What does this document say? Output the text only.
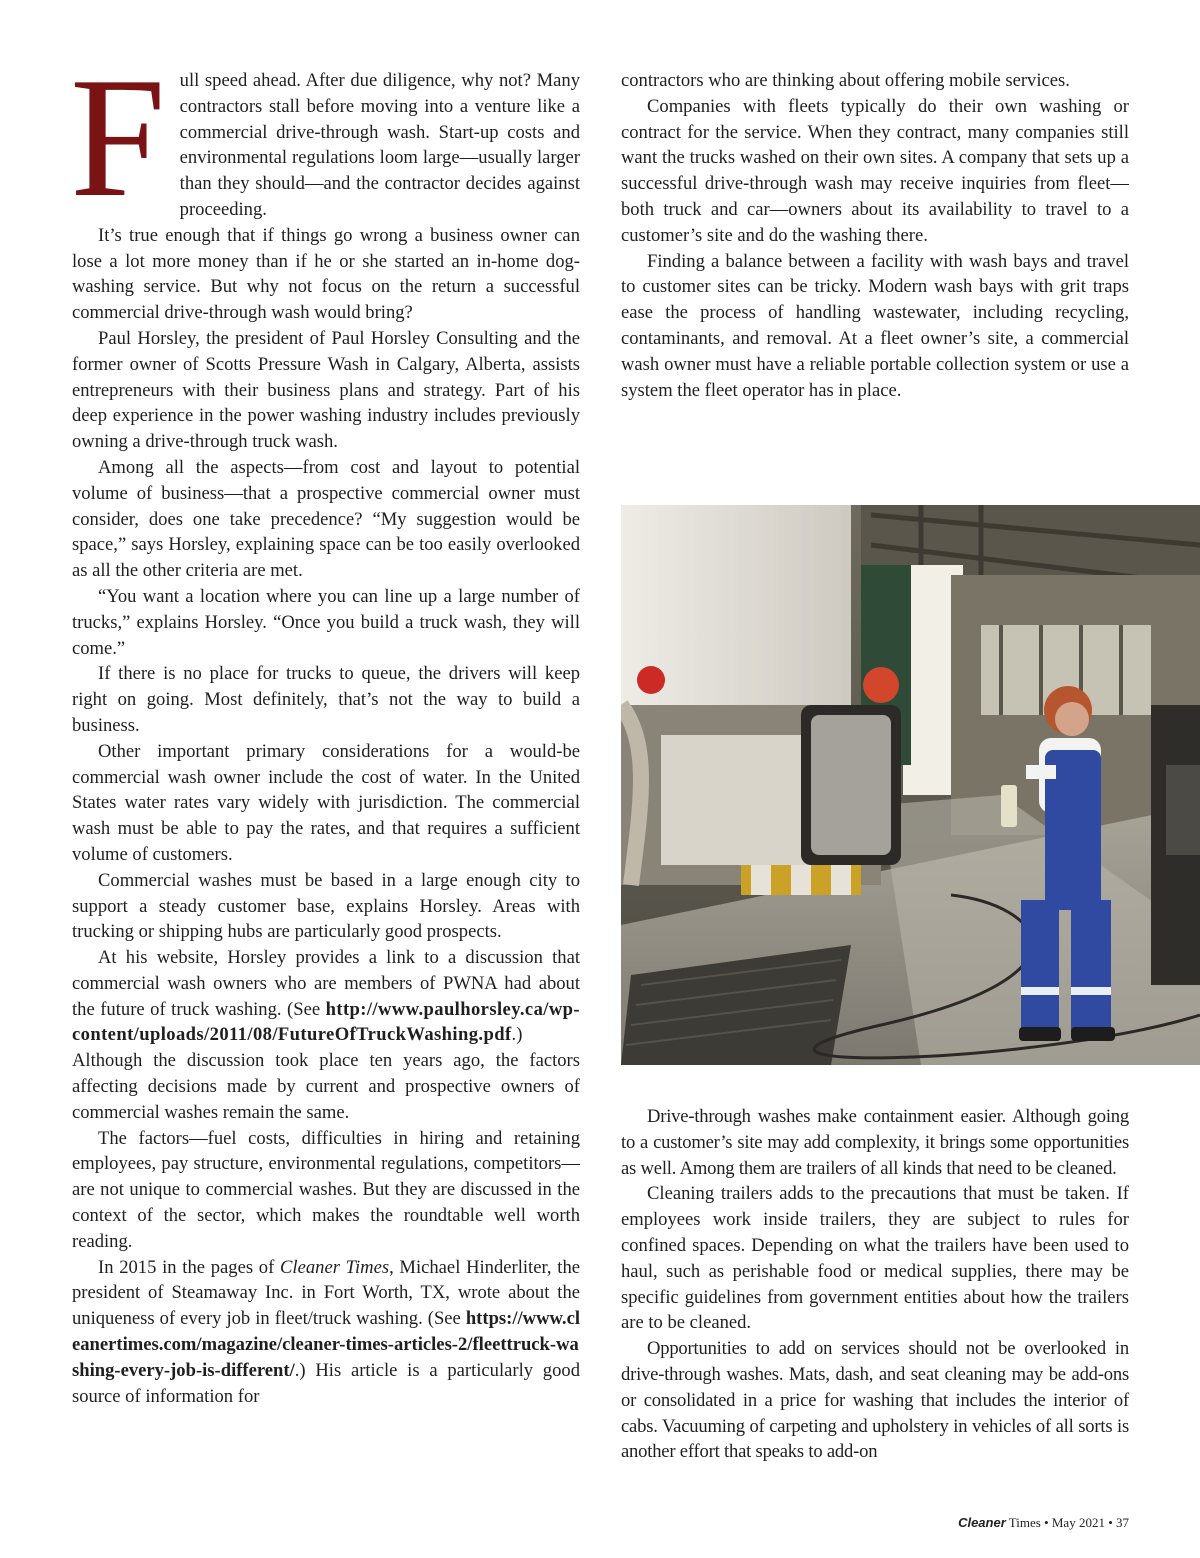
Full speed ahead. After due diligence, why not? Many contractors stall before moving into a venture like a commercial drive-through wash. Start-up costs and environmental regulations loom large—usually larger than they should—and the contractor decides against proceeding.

It’s true enough that if things go wrong a business owner can lose a lot more money than if he or she started an in-home dog-washing service. But why not focus on the return a successful commercial drive-through wash would bring?

Paul Horsley, the president of Paul Horsley Consulting and the former owner of Scotts Pressure Wash in Calgary, Alberta, assists entrepreneurs with their business plans and strategy. Part of his deep experience in the power washing industry includes previously owning a drive-through truck wash.

Among all the aspects—from cost and layout to potential volume of business—that a prospective commercial owner must consider, does one take precedence? “My suggestion would be space,” says Horsley, explaining space can be too easily overlooked as all the other criteria are met.

“You want a location where you can line up a large number of trucks,” explains Horsley. “Once you build a truck wash, they will come.”

If there is no place for trucks to queue, the drivers will keep right on going. Most definitely, that’s not the way to build a business.

Other important primary considerations for a would-be commercial wash owner include the cost of water. In the United States water rates vary widely with jurisdiction. The commercial wash must be able to pay the rates, and that requires a sufficient volume of customers.

Commercial washes must be based in a large enough city to support a steady customer base, explains Horsley. Areas with trucking or shipping hubs are particularly good prospects.

At his website, Horsley provides a link to a discussion that commercial wash owners who are members of PWNA had about the future of truck washing. (See http://www.paulhorsley.ca/wp-content/uploads/2011/08/FutureOfTruckWashing.pdf.) Although the discussion took place ten years ago, the factors affecting decisions made by current and prospective owners of commercial washes remain the same.

The factors—fuel costs, difficulties in hiring and retaining employees, pay structure, environmental regulations, competitors—are not unique to commercial washes. But they are discussed in the context of the sector, which makes the roundtable well worth reading.

In 2015 in the pages of Cleaner Times, Michael Hinderliter, the president of Steamaway Inc. in Fort Worth, TX, wrote about the uniqueness of every job in fleet/truck washing. (See https://www.cleanertimes.com/magazine/cleaner-times-articles-2/fleettruck-washing-every-job-is-different/.) His article is a particularly good source of information for

contractors who are thinking about offering mobile services.

Companies with fleets typically do their own washing or contract for the service. When they contract, many companies still want the trucks washed on their own sites. A company that sets up a successful drive-through wash may receive inquiries from fleet—both truck and car—owners about its availability to travel to a customer’s site and do the washing there.

Finding a balance between a facility with wash bays and travel to customer sites can be tricky. Modern wash bays with grit traps ease the process of handling wastewater, including recycling, contaminants, and removal. At a fleet owner’s site, a commercial wash owner must have a reliable portable collection system or use a system the fleet operator has in place.

Drive-through washes make containment easier. Although going to a customer’s site may add complexity, it brings some opportunities as well. Among them are trailers of all kinds that need to be cleaned.

Cleaning trailers adds to the precautions that must be taken. If employees work inside trailers, they are subject to rules for confined spaces. Depending on what the trailers have been used to haul, such as perishable food or medical supplies, there may be specific guidelines from government entities about how the trailers are to be cleaned.

Opportunities to add on services should not be overlooked in drive-through washes. Mats, dash, and seat cleaning may be add-ons or consolidated in a price for washing that includes the interior of cabs. Vacuuming of carpeting and upholstery in vehicles of all sorts is another effort that speaks to add-on

Cleaner Times • May 2021 • 37
